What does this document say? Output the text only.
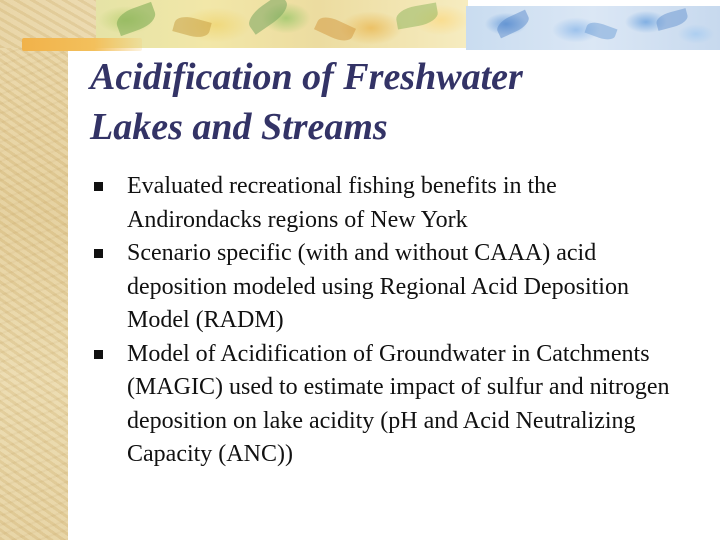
Acidification of Freshwater
Lakes and Streams
Evaluated recreational fishing benefits in the Andirondacks regions of New York
Scenario specific (with and without CAAA) acid deposition modeled using Regional Acid Deposition Model (RADM)
Model of Acidification of Groundwater in Catchments (MAGIC) used to estimate impact of sulfur and nitrogen deposition on lake acidity (pH and Acid Neutralizing Capacity (ANC))
